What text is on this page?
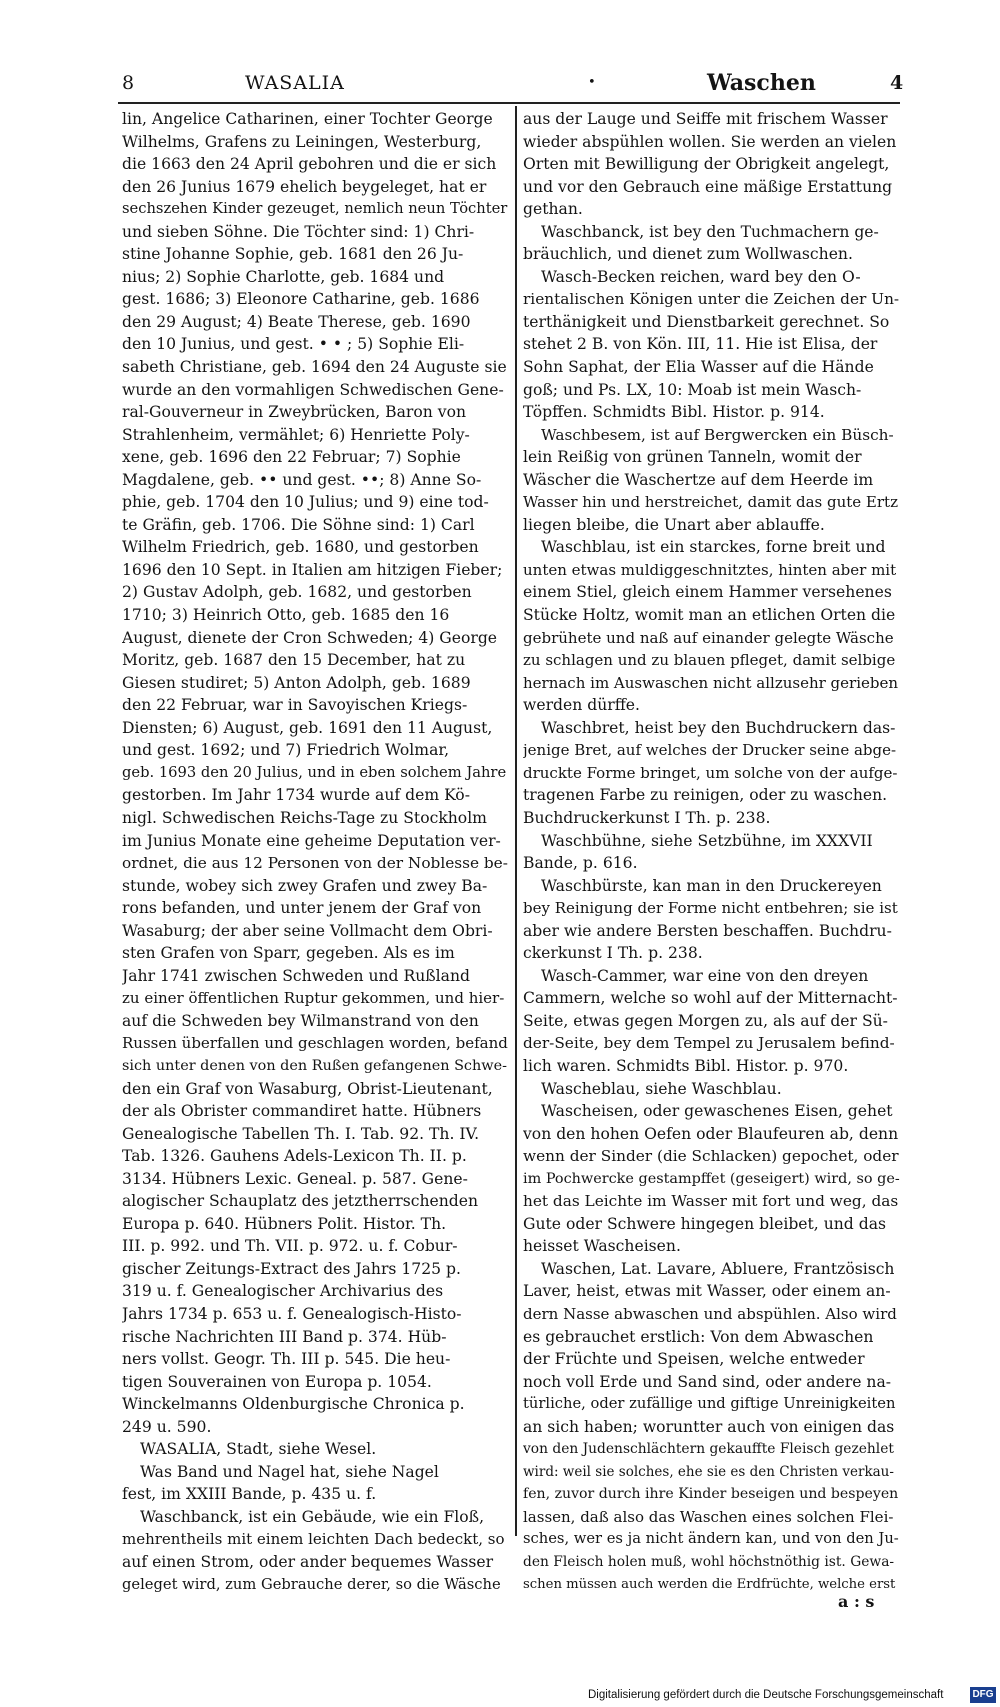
8	WASALIA	•	Waschen	4
lin, Angelice Catharinen, einer Tochter George
Wilhelms, Grafens zu Leiningen, Westerburg,
die 1663 den 24 April gebohren und die er sich
den 26 Junius 1679 ehelich beygeleget, hat er
sechszehen Kinder gezeuget, nemlich neun Töchter
und sieben Söhne. Die Töchter sind: 1) Chri-
stine Johanne Sophie, geb. 1681 den 26 Ju-
nius; 2) Sophie Charlotte, geb. 1684 und
gest. 1686; 3) Eleonore Catharine, geb. 1686
den 29 August; 4) Beate Therese, geb. 1690
den 10 Junius, und gest. • • ; 5) Sophie Eli-
sabeth Christiane, geb. 1694 den 24 Auguste sie
wurde an den vormahligen Schwedischen Gene-
ral-Gouverneur in Zweybrücken, Baron von
Strahlenheim, vermählet; 6) Henriette Poly-
xene, geb. 1696 den 22 Februar; 7) Sophie
Magdalene, geb. •• und gest. ••; 8) Anne So-
phie, geb. 1704 den 10 Julius; und 9) eine tod-
te Gräfin, geb. 1706. Die Söhne sind: 1) Carl
Wilhelm Friedrich, geb. 1680, und gestorben
1696 den 10 Sept. in Italien am hitzigen Fieber;
2) Gustav Adolph, geb. 1682, und gestorben
1710; 3) Heinrich Otto, geb. 1685 den 16
August, dienete der Cron Schweden; 4) George
Moritz, geb. 1687 den 15 December, hat zu
Giesen studiret; 5) Anton Adolph, geb. 1689
den 22 Februar, war in Savoyischen Kriegs-
Diensten; 6) August, geb. 1691 den 11 August,
und gest. 1692; und 7) Friedrich Wolmar,
geb. 1693 den 20 Julius, und in eben solchem Jahre
gestorben. Im Jahr 1734 wurde auf dem Kö-
nigl. Schwedischen Reichs-Tage zu Stockholm
im Junius Monate eine geheime Deputation ver-
ordnet, die aus 12 Personen von der Noblesse be-
stunde, wobey sich zwey Grafen und zwey Ba-
rons befanden, und unter jenem der Graf von
Wasaburg; der aber seine Vollmacht dem Obri-
sten Grafen von Sparr, gegeben. Als es im
Jahr 1741 zwischen Schweden und Rußland
zu einer öffentlichen Ruptur gekommen, und hier-
auf die Schweden bey Wilmanstrand von den
Russen überfallen und geschlagen worden, befand
sich unter denen von den Rußen gefangenen Schwe-
den ein Graf von Wasaburg, Obrist-Lieutenant,
der als Obrister commandiret hatte. Hübners
Genealogische Tabellen Th. I. Tab. 92. Th. IV.
Tab. 1326. Gauhens Adels-Lexicon Th. II. p.
3134. Hübners Lexic. Geneal. p. 587. Gene-
alogischer Schauplatz des jetztherrschenden
Europa p. 640. Hübners Polit. Histor. Th.
III. p. 992. und Th. VII. p. 972. u. f. Cobur-
gischer Zeitungs-Extract des Jahrs 1725 p.
319 u. f. Genealogischer Archivarius des
Jahrs 1734 p. 653 u. f. Genealogisch-Histo-
rische Nachrichten III Band p. 374. Hüb-
ners vollst. Geogr. Th. III p. 545. Die heu-
tigen Souverainen von Europa p. 1054.
Winckelmanns Oldenburgische Chronica p.
249 u. 590.
WASALIA, Stadt, siehe Wesel.
Was Band und Nagel hat, siehe Nagel
fest, im XXIII Bande, p. 435 u. f.
Waschbanck, ist ein Gebäude, wie ein Floß,
mehrentheils mit einem leichten Dach bedeckt, so
auf einen Strom, oder ander bequemes Wasser
geleget wird, zum Gebrauche derer, so die Wäsche
aus der Lauge und Seiffe mit frischem Wasser
wieder abspühlen wollen. Sie werden an vielen
Orten mit Bewilligung der Obrigkeit angelegt,
und vor den Gebrauch eine mäßige Erstattung
gethan.
Waschbanck, ist bey den Tuchmachern ge-
bräuchlich, und dienet zum Wollwaschen.
Wasch-Becken reichen, ward bey den O-
rientalischen Königen unter die Zeichen der Un-
terthänigkeit und Dienstbarkeit gerechnet. So
stehet 2 B. von Kön. III, 11. Hie ist Elisa, der
Sohn Saphat, der Elia Wasser auf die Hände
goß; und Ps. LX, 10: Moab ist mein Wasch-
Töpffen. Schmidts Bibl. Histor. p. 914.
Waschbesem, ist auf Bergwercken ein Büsch-
lein Reißig von grünen Tanneln, womit der
Wäscher die Waschertze auf dem Heerde im
Wasser hin und herstreichet, damit das gute Ertz
liegen bleibe, die Unart aber ablauffe.
Waschblau, ist ein starckes, forne breit und
unten etwas muldiggeschnitztes, hinten aber mit
einem Stiel, gleich einem Hammer versehenes
Stücke Holtz, womit man an etlichen Orten die
gebrühete und naß auf einander gelegte Wäsche
zu schlagen und zu blauen pfleget, damit selbige
hernach im Auswaschen nicht allzusehr gerieben
werden dürffe.
Waschbret, heist bey den Buchdruckern das-
jenige Bret, auf welches der Drucker seine abge-
druckte Forme bringet, um solche von der aufge-
tragenen Farbe zu reinigen, oder zu waschen.
Buchdruckerkunst I Th. p. 238.
Waschbühne, siehe Setzbühne, im XXXVII
Bande, p. 616.
Waschbürste, kan man in den Druckereyen
bey Reinigung der Forme nicht entbehren; sie ist
aber wie andere Bersten beschaffen. Buchdru-
ckerkunst I Th. p. 238.
Wasch-Cammer, war eine von den dreyen
Cammern, welche so wohl auf der Mitternacht-
Seite, etwas gegen Morgen zu, als auf der Sü-
der-Seite, bey dem Tempel zu Jerusalem befind-
lich waren. Schmidts Bibl. Histor. p. 970.
Wascheblau, siehe Waschblau.
Wascheisen, oder gewaschenes Eisen, gehet
von den hohen Oefen oder Blaufeuren ab, denn
wenn der Sinder (die Schlacken) gepochet, oder
im Pochwercke gestampffet (geseigert) wird, so ge-
het das Leichte im Wasser mit fort und weg, das
Gute oder Schwere hingegen bleibet, und das
heisset Wascheisen.
Waschen, Lat. Lavare, Abluere, Frantzösisch
Laver, heist, etwas mit Wasser, oder einem an-
dern Nasse abwaschen und abspühlen. Also wird
es gebrauchet erstlich: Von dem Abwaschen
der Früchte und Speisen, welche entweder
noch voll Erde und Sand sind, oder andere na-
türliche, oder zufällige und giftige Unreinigkeiten
an sich haben; woruntter auch von einigen das
von den Judenschlächtern gekauffte Fleisch gezehlet
wird: weil sie solches, ehe sie es den Christen verkau-
fen, zuvor durch ihre Kinder beseigen und bespeyen
lassen, daß also das Waschen eines solchen Flei-
sches, wer es ja nicht ändern kan, und von den Ju-
den Fleisch holen muß, wohl höchstnöthig ist. Gewa-
schen müssen auch werden die Erdfrüchte, welche erst
a : s
Digitalisierung gefördert durch die Deutsche Forschungsgemeinschaft	DFG
